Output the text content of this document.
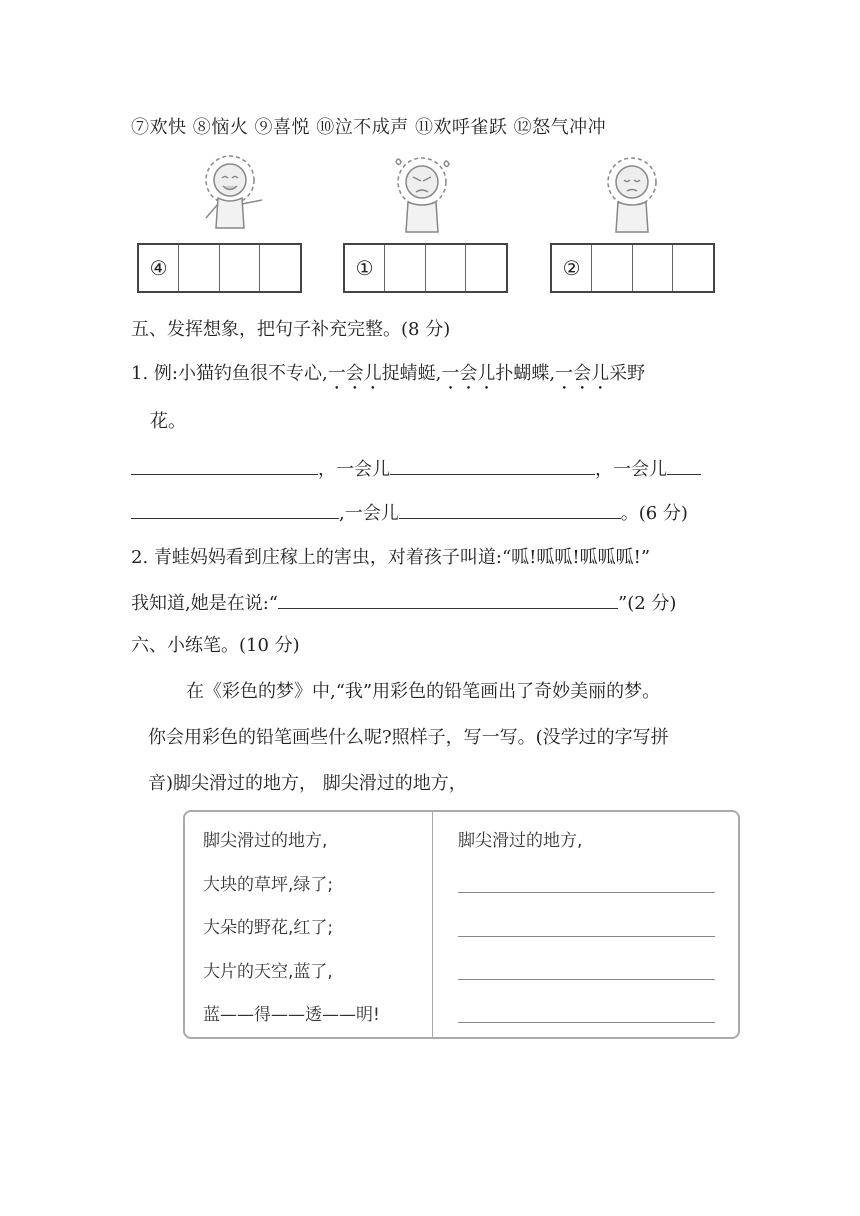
⑦欢快 ⑧恼火 ⑨喜悦 ⑩泣不成声 ⑪欢呼雀跃 ⑫怒气冲冲
④	①	②
五、发挥想象，把句子补充完整。(8 分)
1. 例:小猫钓鱼很不专心,一会儿捉蜻蜓,一会儿扑蝴蝶,一会儿采野
花。
，一会儿	，一会儿
,一会儿	。(6 分)
2. 青蛙妈妈看到庄稼上的害虫，对着孩子叫道:“呱!呱呱!呱呱呱!”
我知道,她是在说:“	”(2 分)
六、小练笔。(10 分)
在《彩色的梦》中,“我”用彩色的铅笔画出了奇妙美丽的梦。
你会用彩色的铅笔画些什么呢?照样子，写一写。(没学过的字写拼
音)脚尖滑过的地方， 脚尖滑过的地方，
脚尖滑过的地方,
大块的草坪,绿了;
大朵的野花,红了;
大片的天空,蓝了,
蓝——得——透——明!
脚尖滑过的地方,
